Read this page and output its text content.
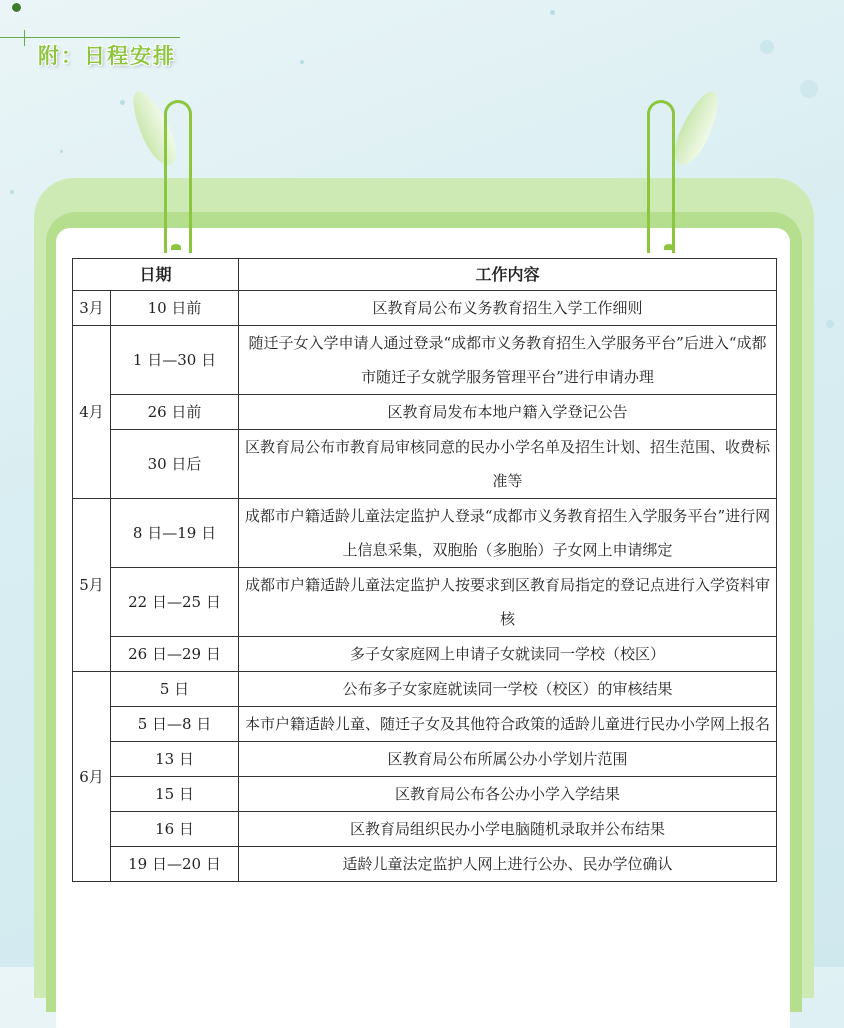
附：日程安排
日期		工作内容
3月	10 日前	区教育局公布义务教育招生入学工作细则
4月	1 日—30 日	随迁子女入学申请人通过登录“成都市义务教育招生入学服务平台”后进入“成都市随迁子女就学服务管理平台”进行申请办理
	26 日前	区教育局发布本地户籍入学登记公告
	30 日后	区教育局公布市教育局审核同意的民办小学名单及招生计划、招生范围、收费标准等
5月	8 日—19 日	成都市户籍适龄儿童法定监护人登录“成都市义务教育招生入学服务平台”进行网上信息采集，双胞胎（多胞胎）子女网上申请绑定
	22 日—25 日	成都市户籍适龄儿童法定监护人按要求到区教育局指定的登记点进行入学资料审核
	26 日—29 日	多子女家庭网上申请子女就读同一学校（校区）
6月	5 日	公布多子女家庭就读同一学校（校区）的审核结果
	5 日—8 日	本市户籍适龄儿童、随迁子女及其他符合政策的适龄儿童进行民办小学网上报名
	13 日	区教育局公布所属公办小学划片范围
	15 日	区教育局公布各公办小学入学结果
	16 日	区教育局组织民办小学电脑随机录取并公布结果
	19 日—20 日	适龄儿童法定监护人网上进行公办、民办学位确认
